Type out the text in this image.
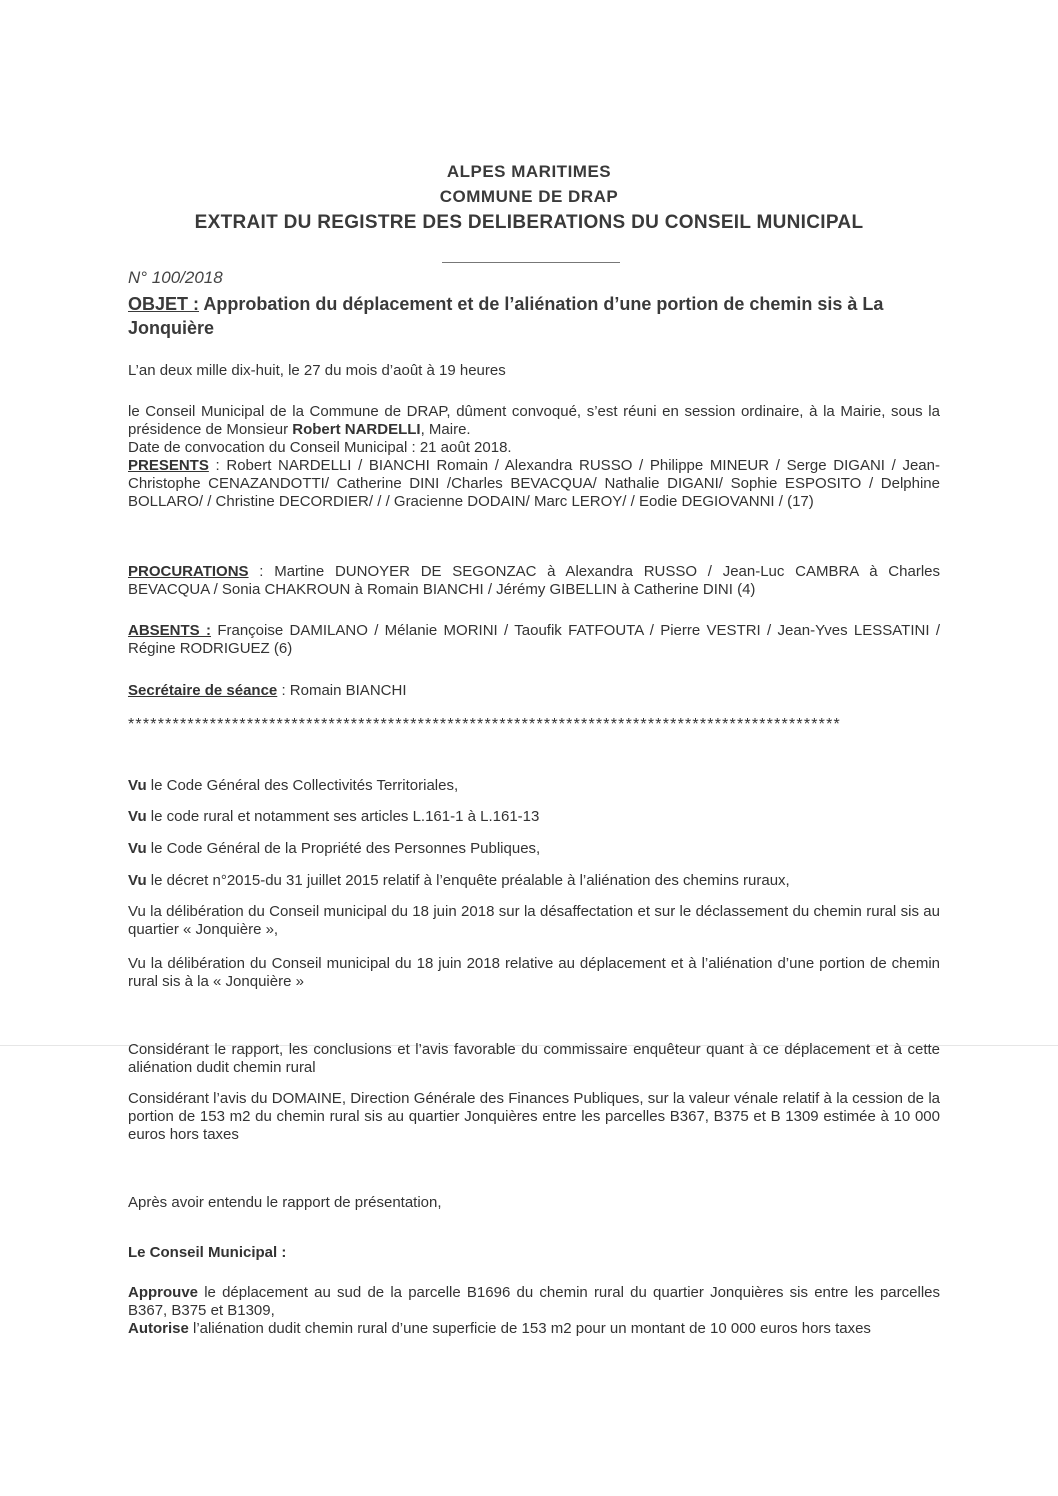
ALPES MARITIMES
COMMUNE DE DRAP
EXTRAIT DU REGISTRE DES DELIBERATIONS DU CONSEIL MUNICIPAL
N° 100/2018
OBJET : Approbation du déplacement et de l’aliénation d’une portion de chemin sis à La Jonquière
L’an deux mille dix-huit, le 27 du mois d’août à 19 heures
le Conseil Municipal de la Commune de DRAP, dûment convoqué, s’est réuni en session ordinaire, à la Mairie, sous la présidence de Monsieur Robert NARDELLI, Maire.
Date de convocation du Conseil Municipal : 21 août 2018.
PRESENTS : Robert NARDELLI / BIANCHI Romain / Alexandra RUSSO / Philippe MINEUR / Serge DIGANI / Jean-Christophe CENAZANDOTTI/ Catherine DINI /Charles BEVACQUA/ Nathalie DIGANI/ Sophie ESPOSITO / Delphine BOLLARO/ / Christine DECORDIER/ / / Gracienne DODAIN/ Marc LEROY/ / Eodie DEGIOVANNI / (17)
PROCURATIONS : Martine DUNOYER DE SEGONZAC à Alexandra RUSSO / Jean-Luc CAMBRA à Charles BEVACQUA / Sonia CHAKROUN à Romain BIANCHI / Jérémy GIBELLIN à Catherine DINI (4)
ABSENTS : Françoise DAMILANO / Mélanie MORINI / Taoufik FATFOUTA / Pierre VESTRI / Jean-Yves LESSATINI / Régine RODRIGUEZ (6)
Secrétaire de séance : Romain BIANCHI
************************************************************************************************
Vu le Code Général des Collectivités Territoriales,
Vu le code rural et notamment ses articles L.161-1 à L.161-13
Vu le Code Général de la Propriété des Personnes Publiques,
Vu le décret n°2015-du 31 juillet 2015 relatif à l’enquête préalable à l’aliénation des chemins ruraux,
Vu la délibération du Conseil municipal du 18 juin 2018 sur la désaffectation et sur le déclassement du chemin rural sis au quartier « Jonquière »,
Vu la délibération du Conseil municipal du 18 juin 2018 relative au déplacement et à l’aliénation d’une portion de chemin rural sis à la « Jonquière »
Considérant le rapport, les conclusions et l’avis favorable du commissaire enquêteur quant à ce déplacement et à cette aliénation dudit chemin rural
Considérant l’avis du DOMAINE, Direction Générale des Finances Publiques, sur la valeur vénale relatif à la cession de la portion de 153 m2 du chemin rural sis au quartier Jonquières entre les parcelles B367, B375 et B 1309 estimée à 10 000 euros hors taxes
Après avoir entendu le rapport de présentation,
Le Conseil Municipal :
Approuve le déplacement au sud de la parcelle B1696 du chemin rural du quartier Jonquières sis entre les parcelles B367, B375 et B1309,
Autorise l’aliénation dudit chemin rural d’une superficie de 153 m2 pour un montant de 10 000 euros hors taxes
